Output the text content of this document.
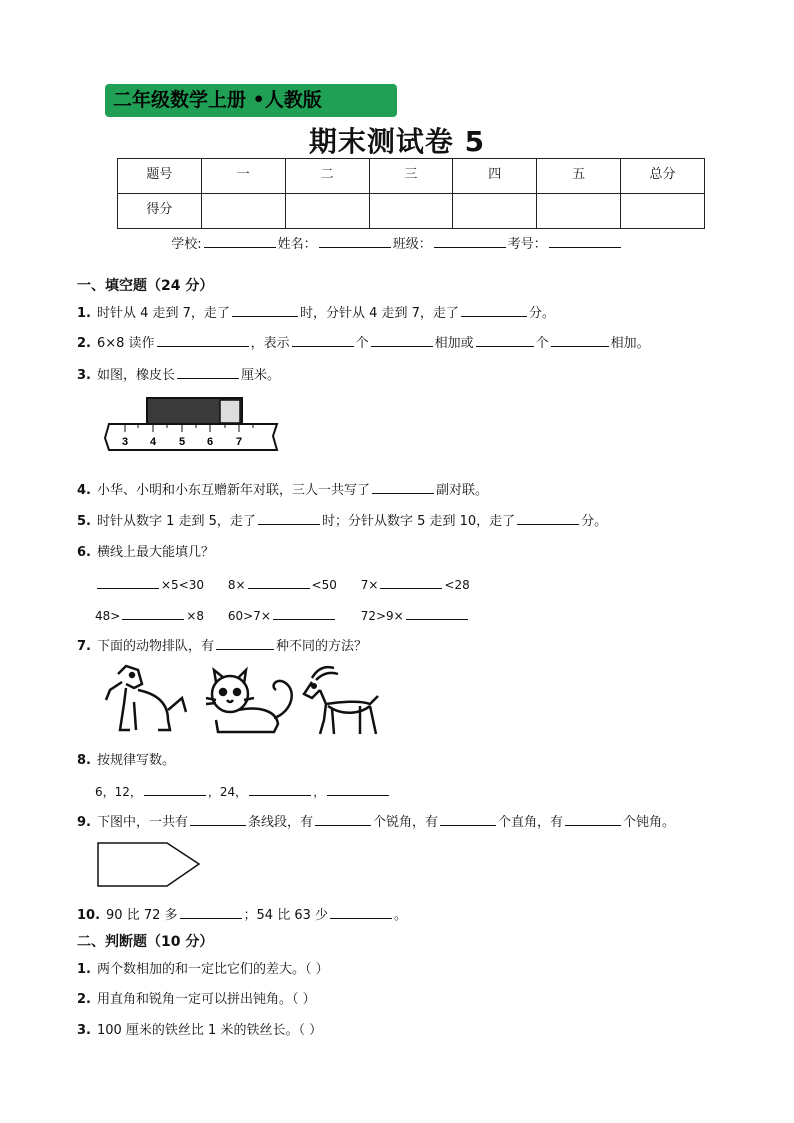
二年级数学上册 •人教版
期末测试卷 5
题号	一	二	三	四	五	总分
得分						
学校:	姓名：	班级：	考号：
一、填空题（24 分）
1. 时针从 4 走到 7，走了	时，分针从 4 走到 7，走了	分。
2. 6×8 读作	，表示	个	相加或	个	相加。
3. 如图，橡皮长	厘米。
3 4 5 6 7
4. 小华、小明和小东互赠新年对联，三人一共写了	副对联。
5. 时针从数字 1 走到 5，走了	时；分针从数字 5 走到 10，走了	分。
6. 横线上最大能填几？
×5<30 8×	<50 7×	<28
48>	×8 60>7×	72>9×
7. 下面的动物排队，有	种不同的方法？
8. 按规律写数。
6，12，	，24，	，
9. 下图中，一共有	条线段，有	个锐角，有	个直角，有	个钝角。
10. 90 比 72 多	；54 比 63 少	。
二、判断题（10 分）
1. 两个数相加的和一定比它们的差大。（ ）
2. 用直角和锐角一定可以拼出钝角。（ ）
3. 100 厘米的铁丝比 1 米的铁丝长。（ ）
